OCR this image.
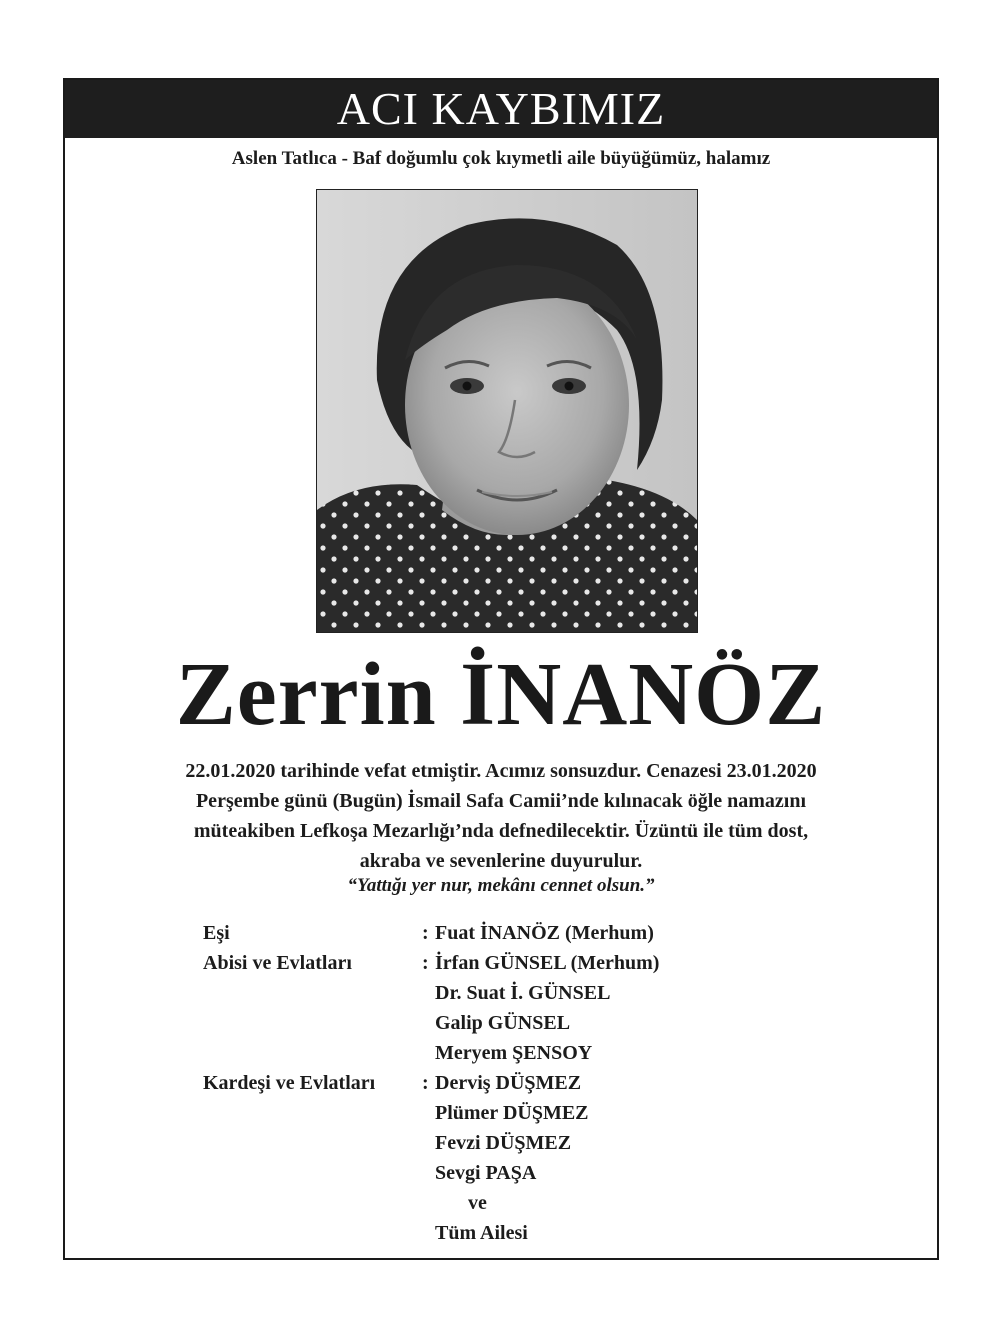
ACI KAYBIMIZ
Aslen Tatlıca - Baf doğumlu çok kıymetli aile büyüğümüz, halamız
Zerrin İNANÖZ
22.01.2020 tarihinde vefat etmiştir. Acımız sonsuzdur. Cenazesi 23.01.2020
Perşembe günü (Bugün) İsmail Safa Camii’nde kılınacak öğle namazını
müteakiben Lefkoşa Mezarlığı’nda defnedilecektir. Üzüntü ile tüm dost,
akraba ve sevenlerine duyurulur.
“Yattığı yer nur, mekânı cennet olsun.”
Eşi	: Fuat İNANÖZ (Merhum)
Abisi ve Evlatları	: İrfan GÜNSEL (Merhum)
Dr. Suat İ. GÜNSEL
Galip GÜNSEL
Meryem ŞENSOY
Kardeşi ve Evlatları : Derviş DÜŞMEZ
Plümer DÜŞMEZ
Fevzi DÜŞMEZ
Sevgi PAŞA
ve
Tüm Ailesi
